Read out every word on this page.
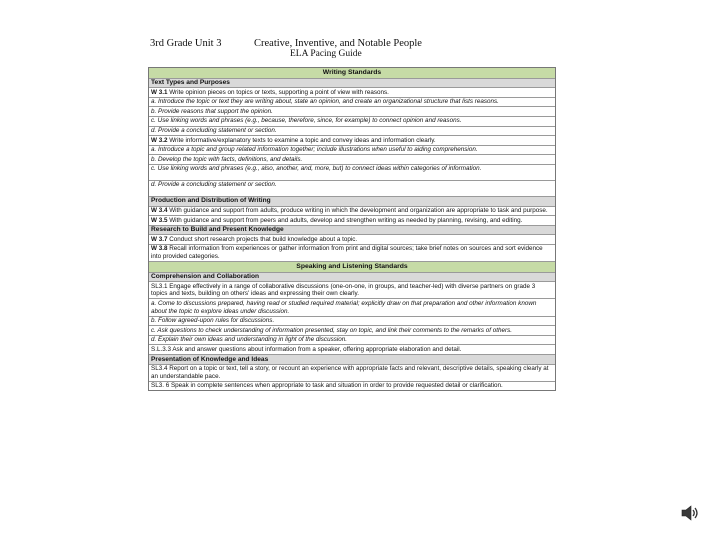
3rd Grade Unit 3	Creative, Inventive, and Notable People
ELA Pacing Guide
Writing Standards
Text Types and Purposes
W 3.1 Write opinion pieces on topics or texts, supporting a point of view with reasons.
a. Introduce the topic or text they are writing about, state an opinion, and create an organizational structure that lists reasons.
b. Provide reasons that support the opinion.
c. Use linking words and phrases (e.g., because, therefore, since, for example) to connect opinion and reasons.
d. Provide a concluding statement or section.
W 3.2 Write informative/explanatory texts to examine a topic and convey ideas and information clearly.
a. Introduce a topic and group related information together; include illustrations when useful to aiding comprehension.
b. Develop the topic with facts, definitions, and details.
c. Use linking words and phrases (e.g., also, another, and, more, but) to connect ideas within categories of information.
d. Provide a concluding statement or section.
Production and Distribution of Writing
W 3.4 With guidance and support from adults, produce writing in which the development and organization are appropriate to task and purpose.
W 3.5 With guidance and support from peers and adults, develop and strengthen writing as needed by planning, revising, and editing.
Research to Build and Present Knowledge
W 3.7 Conduct short research projects that build knowledge about a topic.
W 3.8 Recall information from experiences or gather information from print and digital sources; take brief notes on sources and sort evidence into provided categories.
Speaking and Listening Standards
Comprehension and Collaboration
SL3.1 Engage effectively in a range of collaborative discussions (one-on-one, in groups, and teacher-led) with diverse partners on grade 3 topics and texts, building on others' ideas and expressing their own clearly.
a. Come to discussions prepared, having read or studied required material; explicitly draw on that preparation and other information known about the topic to explore ideas under discussion.
b. Follow agreed-upon rules for discussions.
c. Ask questions to check understanding of information presented, stay on topic, and link their comments to the remarks of others.
d. Explain their own ideas and understanding in light of the discussion.
S.L.3.3 Ask and answer questions about information from a speaker, offering appropriate elaboration and detail.
Presentation of Knowledge and Ideas
SL3.4 Report on a topic or text, tell a story, or recount an experience with appropriate facts and relevant, descriptive details, speaking clearly at an understandable pace.
SL3. 6 Speak in complete sentences when appropriate to task and situation in order to provide requested detail or clarification.
